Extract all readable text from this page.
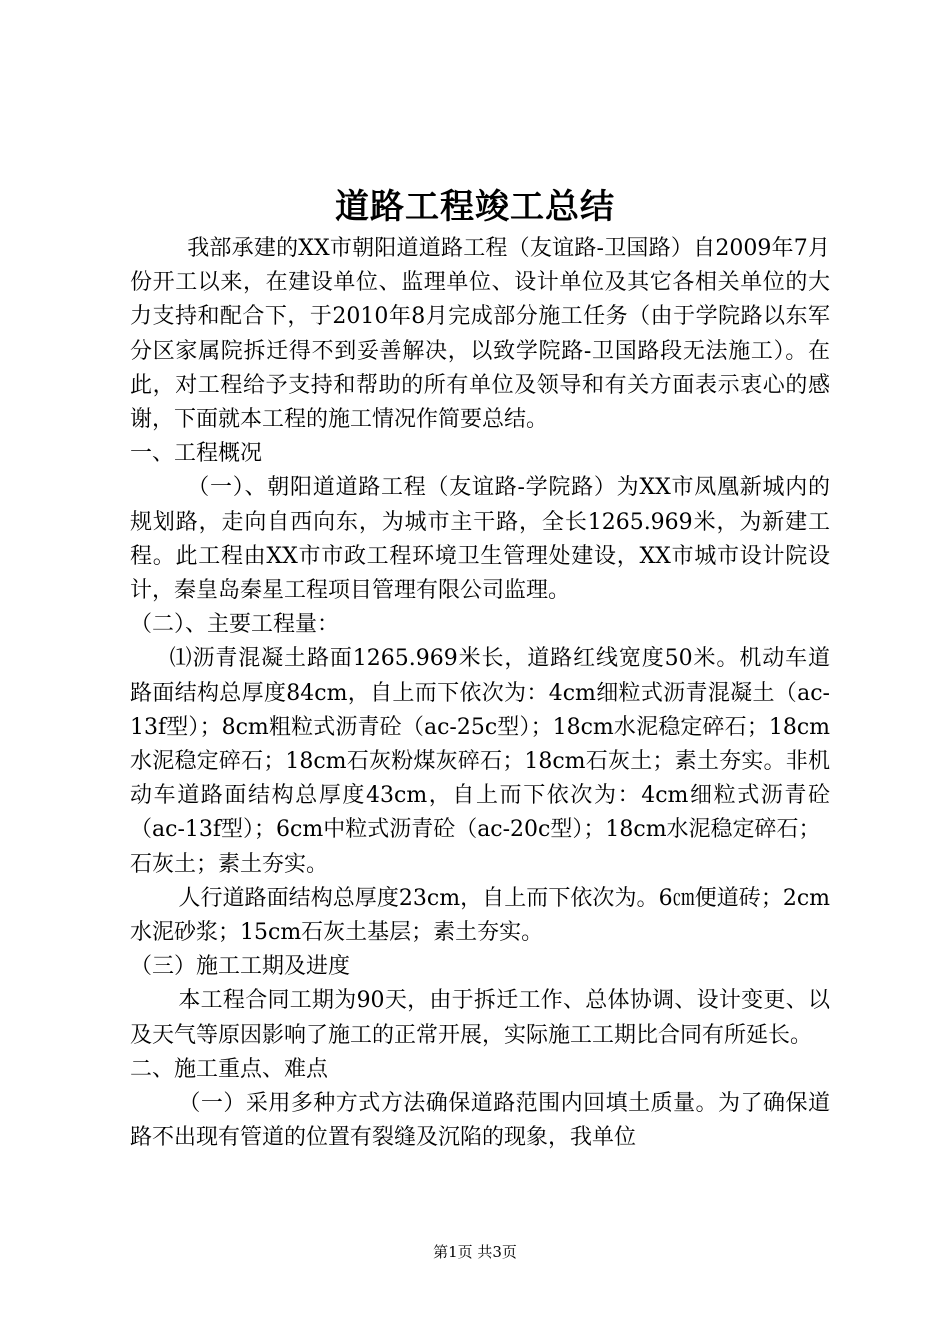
道路工程竣工总结

我部承建的XX市朝阳道道路工程（友谊路-卫国路）自2009年7月份开工以来，在建设单位、监理单位、设计单位及其它各相关单位的大力支持和配合下，于2010年8月完成部分施工任务（由于学院路以东军分区家属院拆迁得不到妥善解决，以致学院路-卫国路段无法施工）。在此，对工程给予支持和帮助的所有单位及领导和有关方面表示衷心的感谢，下面就本工程的施工情况作简要总结。

一、工程概况

（一）、朝阳道道路工程（友谊路-学院路）为XX市凤凰新城内的规划路，走向自西向东，为城市主干路，全长1265.969米，为新建工程。此工程由XX市市政工程环境卫生管理处建设，XX市城市设计院设计，秦皇岛秦星工程项目管理有限公司监理。

（二）、主要工程量：

⑴沥青混凝土路面1265.969米长，道路红线宽度50米。机动车道路面结构总厚度84cm，自上而下依次为：4cm细粒式沥青混凝土（ac-13f型）；8cm粗粒式沥青砼（ac-25c型）；18cm水泥稳定碎石；18cm水泥稳定碎石；18cm石灰粉煤灰碎石；18cm石灰土；素土夯实。非机动车道路面结构总厚度43cm，自上而下依次为：4cm细粒式沥青砼（ac-13f型）；6cm中粒式沥青砼（ac-20c型）；18cm水泥稳定碎石；

石灰土；素土夯实。

人行道路面结构总厚度23cm，自上而下依次为。6㎝便道砖；2cm水泥砂浆；15cm石灰土基层；素土夯实。

（三）施工工期及进度

本工程合同工期为90天，由于拆迁工作、总体协调、设计变更、以及天气等原因影响了施工的正常开展，实际施工工期比合同有所延长。

二、施工重点、难点

（一）采用多种方式方法确保道路范围内回填土质量。为了确保道路不出现有管道的位置有裂缝及沉陷的现象，我单位

第1页 共3页
